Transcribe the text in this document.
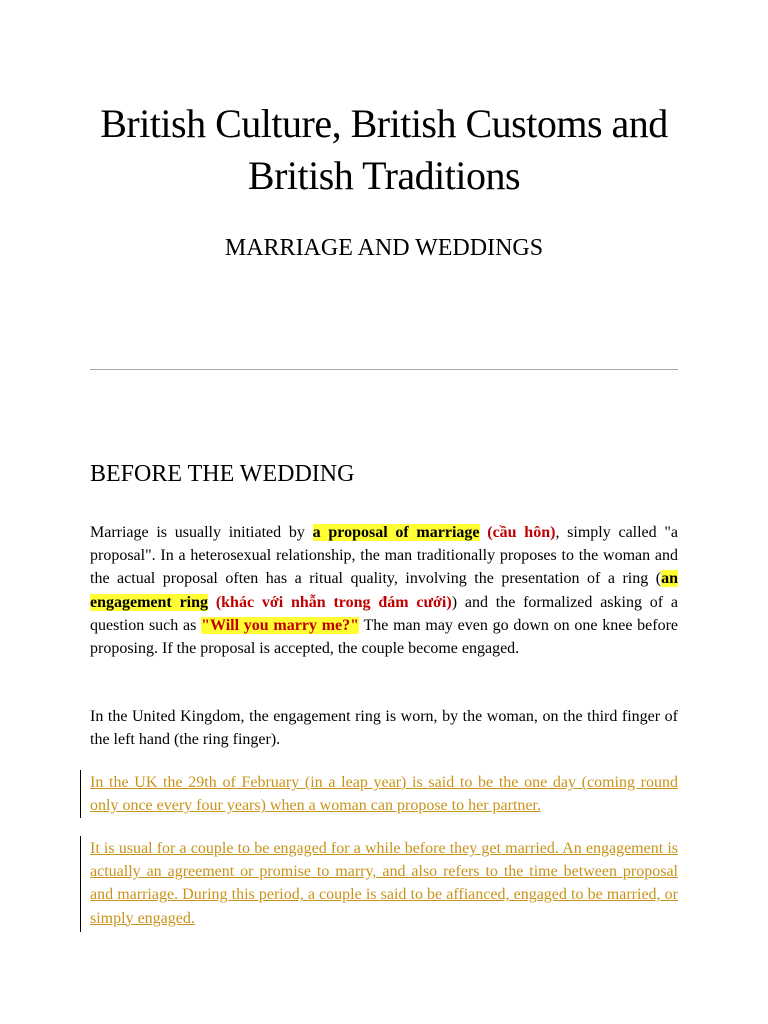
British Culture, British Customs and British Traditions
MARRIAGE AND WEDDINGS
BEFORE THE WEDDING

Marriage is usually initiated by a proposal of marriage (cầu hôn), simply called "a proposal". In a heterosexual relationship, the man traditionally proposes to the woman and the actual proposal often has a ritual quality, involving the presentation of a ring (an engagement ring (khác với nhẫn trong đám cưới)) and the formalized asking of a question such as "Will you marry me?" The man may even go down on one knee before proposing. If the proposal is accepted, the couple become engaged.

In the United Kingdom, the engagement ring is worn, by the woman, on the third finger of the left hand (the ring finger).

In the UK the 29th of February (in a leap year) is said to be the one day (coming round only once every four years) when a woman can propose to her partner.

It is usual for a couple to be engaged for a while before they get married. An engagement is actually an agreement or promise to marry, and also refers to the time between proposal and marriage. During this period, a couple is said to be affianced, engaged to be married, or simply engaged.
